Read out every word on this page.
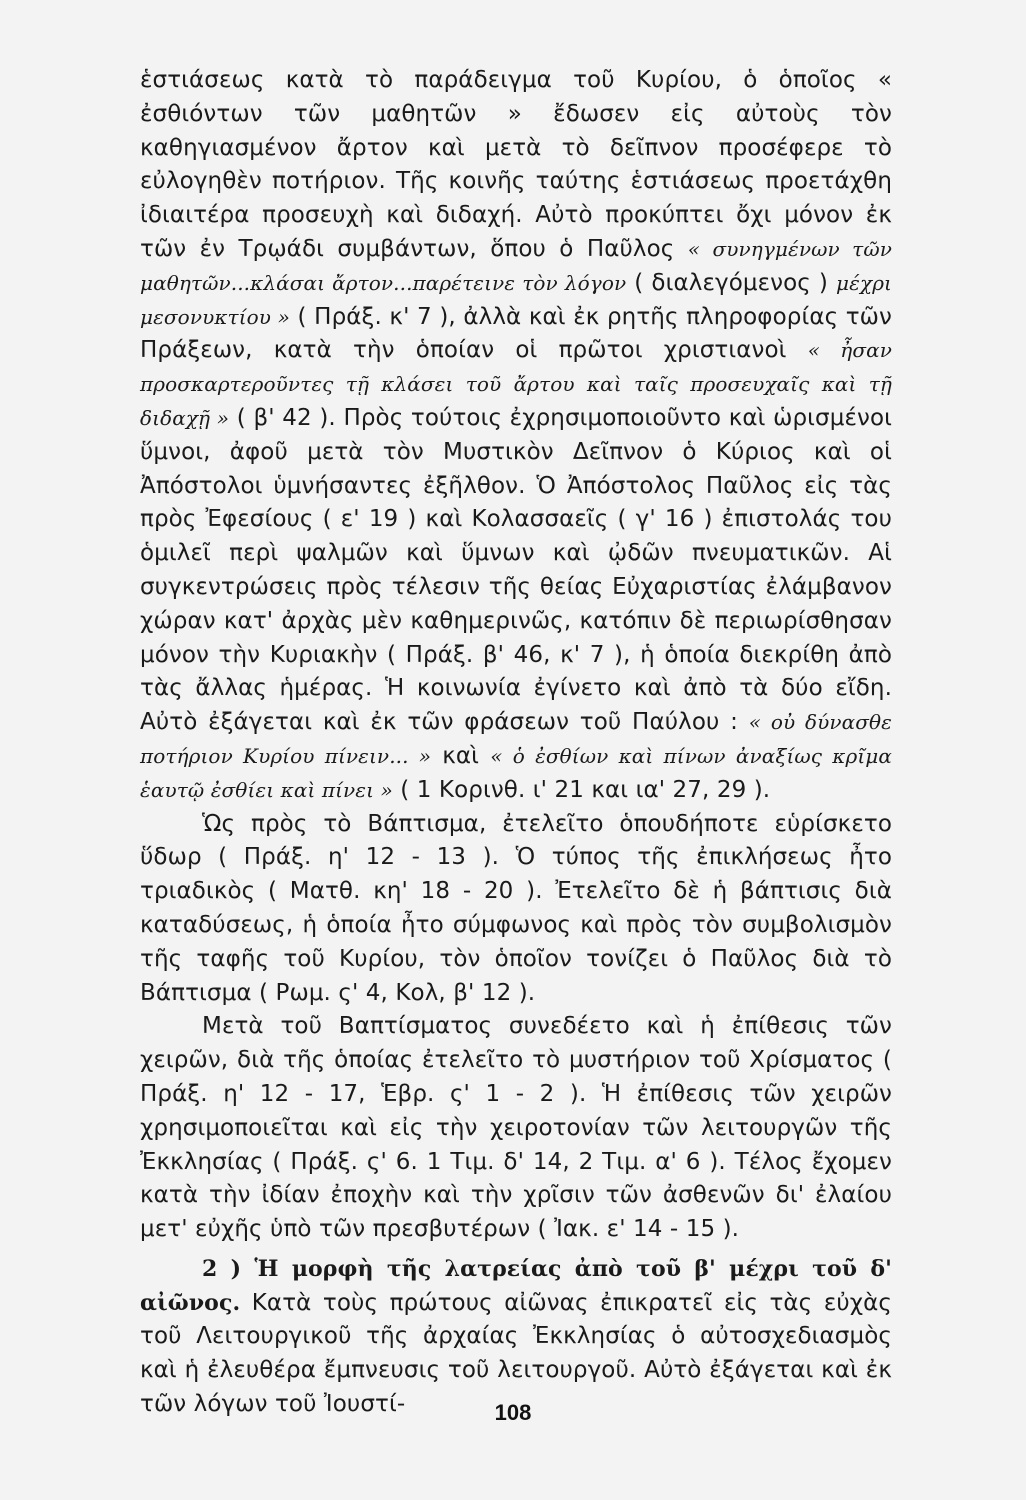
ἑστιάσεως κατὰ τὸ παράδειγμα τοῦ Κυρίου, ὁ ὁποῖος « ἐσθιόντων τῶν μαθητῶν » ἔδωσεν εἰς αὐτοὺς τὸν καθηγιασμένον ἄρτον καὶ μετὰ τὸ δεῖπνον προσέφερε τὸ εὐλογηθὲν ποτήριον. Τῆς κοινῆς ταύτης ἑστιάσεως προετάχθη ἰδιαιτέρα προσευχὴ καὶ διδαχή. Αὐτὸ προκύπτει ὄχι μόνον ἐκ τῶν ἐν Τρῳάδι συμβάντων, ὅπου ὁ Παῦλος « συνηγμένων τῶν μαθητῶν...κλάσαι ἄρτον...παρέτεινε τὸν λόγον ( διαλεγόμενος ) μέχρι μεσονυκτίου » ( Πράξ. κ' 7 ), ἀλλὰ καὶ ἐκ ρητῆς πληροφορίας τῶν Πράξεων, κατὰ τὴν ὁποίαν οἱ πρῶτοι χριστιανοὶ « ἦσαν προσκαρτεροῦντες τῇ κλάσει τοῦ ἄρτου καὶ ταῖς προσευχαῖς καὶ τῇ διδαχῇ » ( β' 42 ). Πρὸς τούτοις ἐχρησιμοποιοῦντο καὶ ὡρισμένοι ὕμνοι, ἀφοῦ μετὰ τὸν Μυστικὸν Δεῖπνον ὁ Κύριος καὶ οἱ Ἀπόστολοι ὑμνήσαντες ἐξῆλθον. Ὁ Ἀπόστολος Παῦλος εἰς τὰς πρὸς Ἐφεσίους ( ε' 19 ) καὶ Κολασσαεῖς ( γ' 16 ) ἐπιστολάς του ὁμιλεῖ περὶ ψαλμῶν καὶ ὕμνων καὶ ᾠδῶν πνευματικῶν. Αἱ συγκεντρώσεις πρὸς τέλεσιν τῆς θείας Εὐχαριστίας ἐλάμβανον χώραν κατ' ἀρχὰς μὲν καθημερινῶς, κατόπιν δὲ περιωρίσθησαν μόνον τὴν Κυριακὴν ( Πράξ. β' 46, κ' 7 ), ἡ ὁποία διεκρίθη ἀπὸ τὰς ἄλλας ἡμέρας. Ἡ κοινωνία ἐγίνετο καὶ ἀπὸ τὰ δύο εἴδη. Αὐτὸ ἐξάγεται καὶ ἐκ τῶν φράσεων τοῦ Παύλου : « οὐ δύνασθε ποτήριον Κυρίου πίνειν... » καὶ « ὁ ἐσθίων καὶ πίνων ἀναξίως κρῖμα ἑαυτῷ ἐσθίει καὶ πίνει » ( 1 Κορινθ. ι' 21 και ια' 27, 29 ).

Ὡς πρὸς τὸ Βάπτισμα, ἐτελεῖτο ὁπουδήποτε εὑρίσκετο ὕδωρ ( Πράξ. η' 12 - 13 ). Ὁ τύπος τῆς ἐπικλήσεως ἦτο τριαδικὸς ( Ματθ. κη' 18 - 20 ). Ἐτελεῖτο δὲ ἡ βάπτισις διὰ καταδύσεως, ἡ ὁποία ἦτο σύμφωνος καὶ πρὸς τὸν συμβολισμὸν τῆς ταφῆς τοῦ Κυρίου, τὸν ὁποῖον τονίζει ὁ Παῦλος διὰ τὸ Βάπτισμα ( Ρωμ. ς' 4, Κολ, β' 12 ).

Μετὰ τοῦ Βαπτίσματος συνεδέετο καὶ ἡ ἐπίθεσις τῶν χειρῶν, διὰ τῆς ὁποίας ἐτελεῖτο τὸ μυστήριον τοῦ Χρίσματος ( Πράξ. η' 12 - 17, Ἑβρ. ς' 1 - 2 ). Ἡ ἐπίθεσις τῶν χειρῶν χρησιμοποιεῖται καὶ εἰς τὴν χειροτονίαν τῶν λειτουργῶν τῆς Ἐκκλησίας ( Πράξ. ς' 6. 1 Τιμ. δ' 14, 2 Τιμ. α' 6 ). Τέλος ἔχομεν κατὰ τὴν ἰδίαν ἐποχὴν καὶ τὴν χρῖσιν τῶν ἀσθενῶν δι' ἐλαίου μετ' εὐχῆς ὑπὸ τῶν πρεσβυτέρων ( Ἰακ. ε' 14 - 15 ).

2 ) Ἡ μορφὴ τῆς λατρείας ἀπὸ τοῦ β' μέχρι τοῦ δ' αἰῶνος. Κατὰ τοὺς πρώτους αἰῶνας ἐπικρατεῖ εἰς τὰς εὐχὰς τοῦ Λειτουργικοῦ τῆς ἀρχαίας Ἐκκλησίας ὁ αὐτοσχεδιασμὸς καὶ ἡ ἐλευθέρα ἔμπνευσις τοῦ λειτουργοῦ. Αὐτὸ ἐξάγεται καὶ ἐκ τῶν λόγων τοῦ Ἰουστί-	108
